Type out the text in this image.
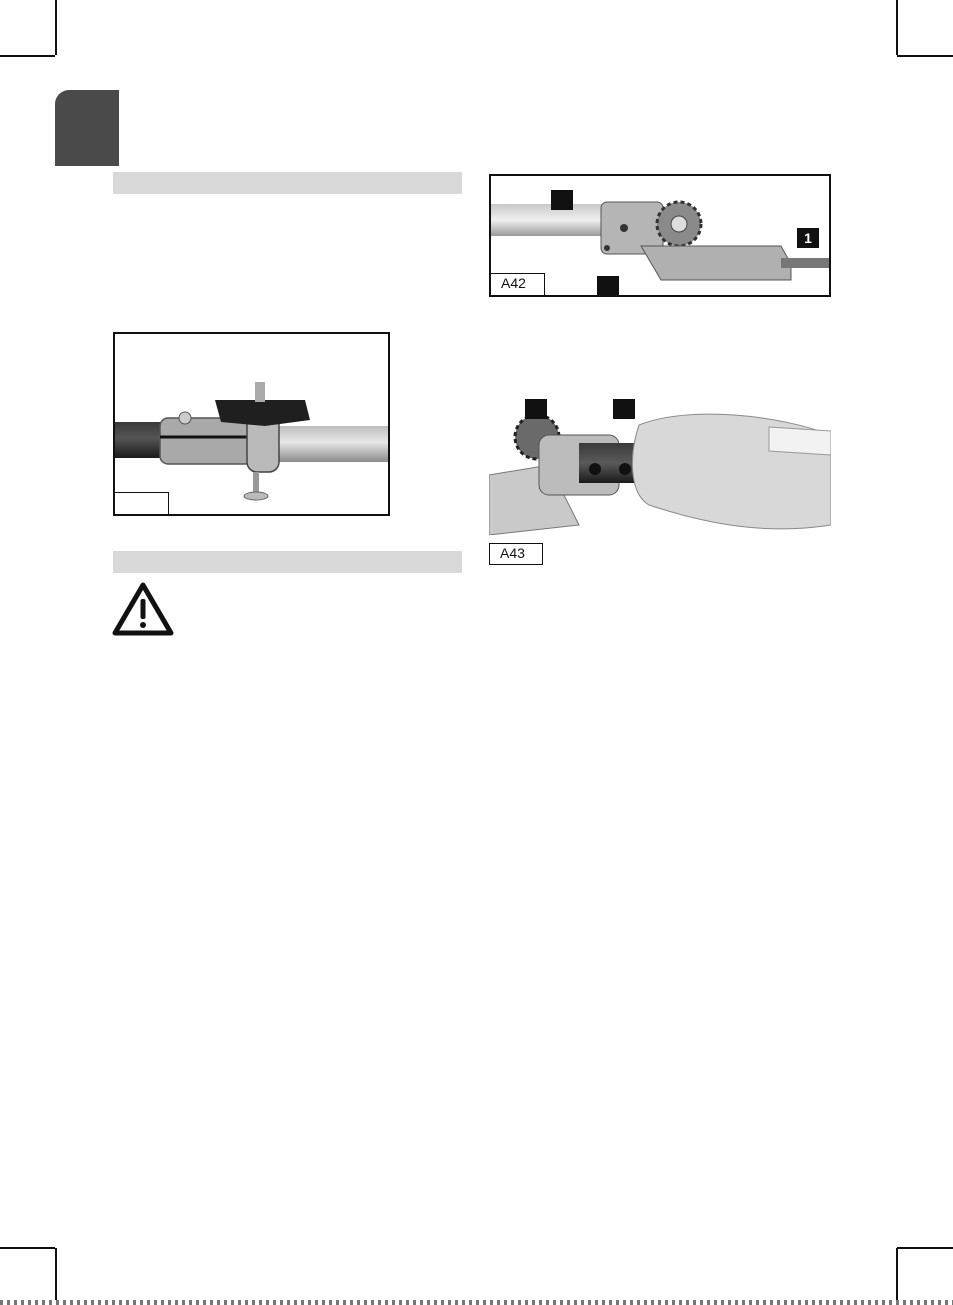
1
A42
A43
